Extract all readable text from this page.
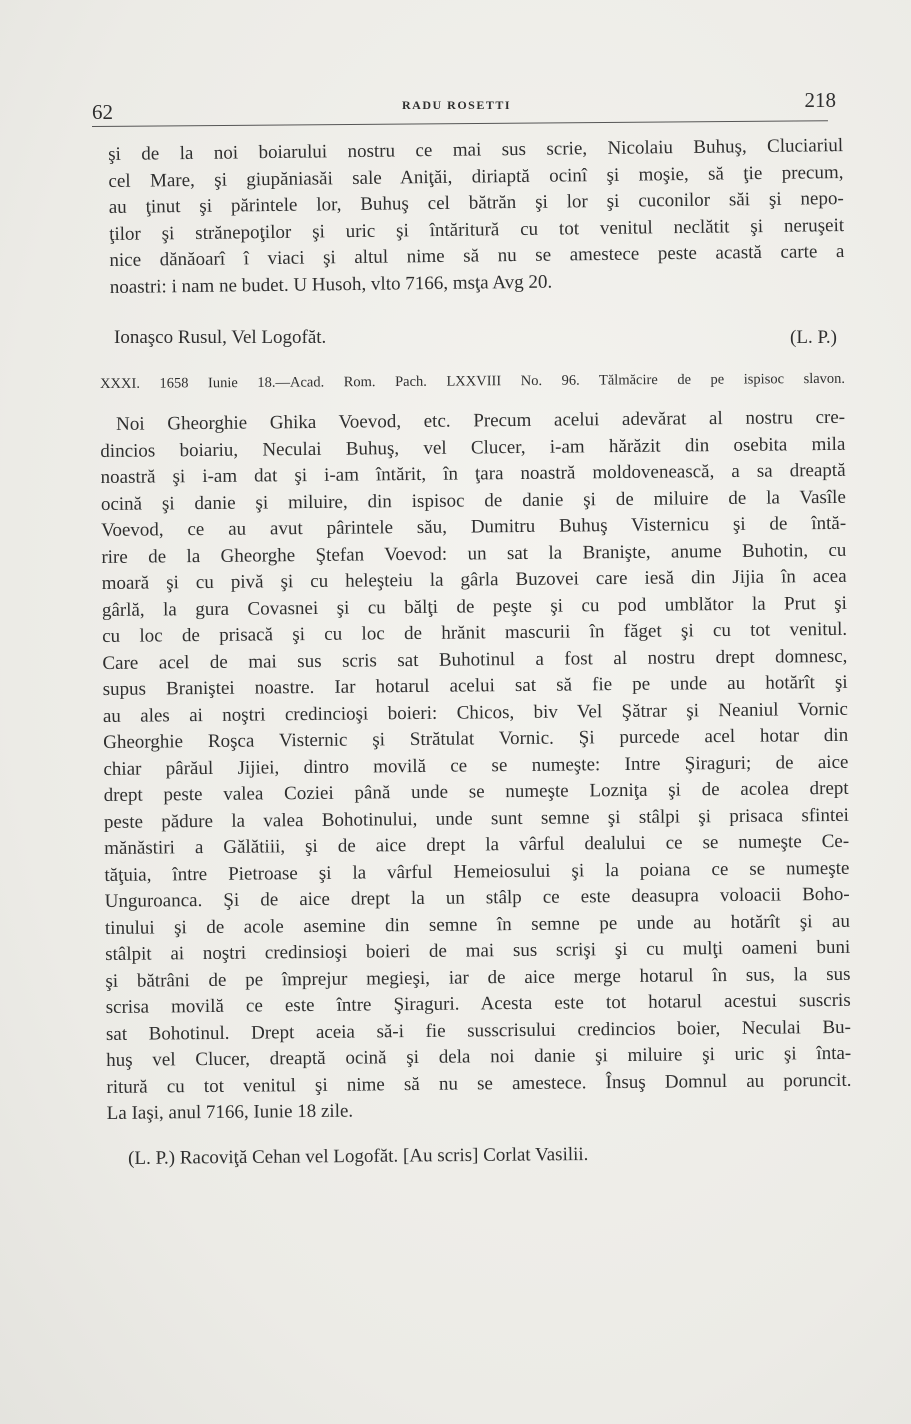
62	RADU ROSETTI	218
şi de la noi boiarului nostru ce mai sus scrie, Nicolaiu Buhuş, Cluciariul
cel Mare, şi giupăniasăi sale Aniţăi, diriaptă ocinî şi moşie, să ţie precum,
au ţinut şi părintele lor, Buhuş cel bătrăn şi lor şi cuconilor săi şi nepo-
ţilor şi strănepoţilor şi uric şi întăritură cu tot venitul neclătit şi neruşeit
nice dănăoarî î viaci şi altul nime să nu se amestece peste acastă carte a
noastri: i nam ne budet. U Husoh, vlto 7166, msţa Avg 20.
Ionaşco Rusul, Vel Logofăt.	(L. P.)
XXXI. 1658 Iunie 18.—Acad. Rom. Pach. LXXVIII No. 96. Tălmăcire de pe ispisoc slavon.
Noi Gheorghie Ghika Voevod, etc. Precum acelui adevărat al nostru cre-
dincios boiariu, Neculai Buhuş, vel Clucer, i-am hărăzit din osebita mila
noastră şi i-am dat şi i-am întărit, în ţara noastră moldovenească, a sa dreaptă
ocină şi danie şi miluire, din ispisoc de danie şi de miluire de la Vasîle
Voevod, ce au avut pârintele său, Dumitru Buhuş Visternicu şi de întă-
rire de la Gheorghe Ştefan Voevod: un sat la Branişte, anume Buhotin, cu
moară şi cu pivă şi cu heleşteiu la gârla Buzovei care iesă din Jijia în acea
gârlă, la gura Covasnei şi cu bălţi de peşte şi cu pod umblător la Prut şi
cu loc de prisacă şi cu loc de hrănit mascurii în făget şi cu tot venitul.
Care acel de mai sus scris sat Buhotinul a fost al nostru drept domnesc,
supus Braniştei noastre. Iar hotarul acelui sat să fie pe unde au hotărît şi
au ales ai noştri credincioşi boieri: Chicos, biv Vel Şătrar şi Neaniul Vornic
Gheorghie Roşca Visternic şi Strătulat Vornic. Şi purcede acel hotar din
chiar pârăul Jijiei, dintro movilă ce se numeşte: Intre Şiraguri; de aice
drept peste valea Coziei până unde se numeşte Lozniţa şi de acolea drept
peste pădure la valea Bohotinului, unde sunt semne şi stâlpi şi prisaca sfintei
mănăstiri a Gălătiii, şi de aice drept la vârful dealului ce se numeşte Ce-
tăţuia, între Pietroase şi la vârful Hemeiosului şi la poiana ce se numeşte
Unguroanca. Şi de aice drept la un stâlp ce este deasupra voloacii Boho-
tinului şi de acole asemine din semne în semne pe unde au hotărît şi au
stâlpit ai noştri credinsioşi boieri de mai sus scrişi şi cu mulţi oameni buni
şi bătrâni de pe împrejur megieşi, iar de aice merge hotarul în sus, la sus
scrisa movilă ce este între Şiraguri. Acesta este tot hotarul acestui suscris
sat Bohotinul. Drept aceia să-i fie susscrisului credincios boier, Neculai Bu-
huş vel Clucer, dreaptă ocină şi dela noi danie şi miluire şi uric şi înta-
ritură cu tot venitul şi nime să nu se amestece. Însuş Domnul au poruncit.
La Iaşi, anul 7166, Iunie 18 zile.
(L. P.) Racoviţă Cehan vel Logofăt. [Au scris] Corlat Vasilii.
